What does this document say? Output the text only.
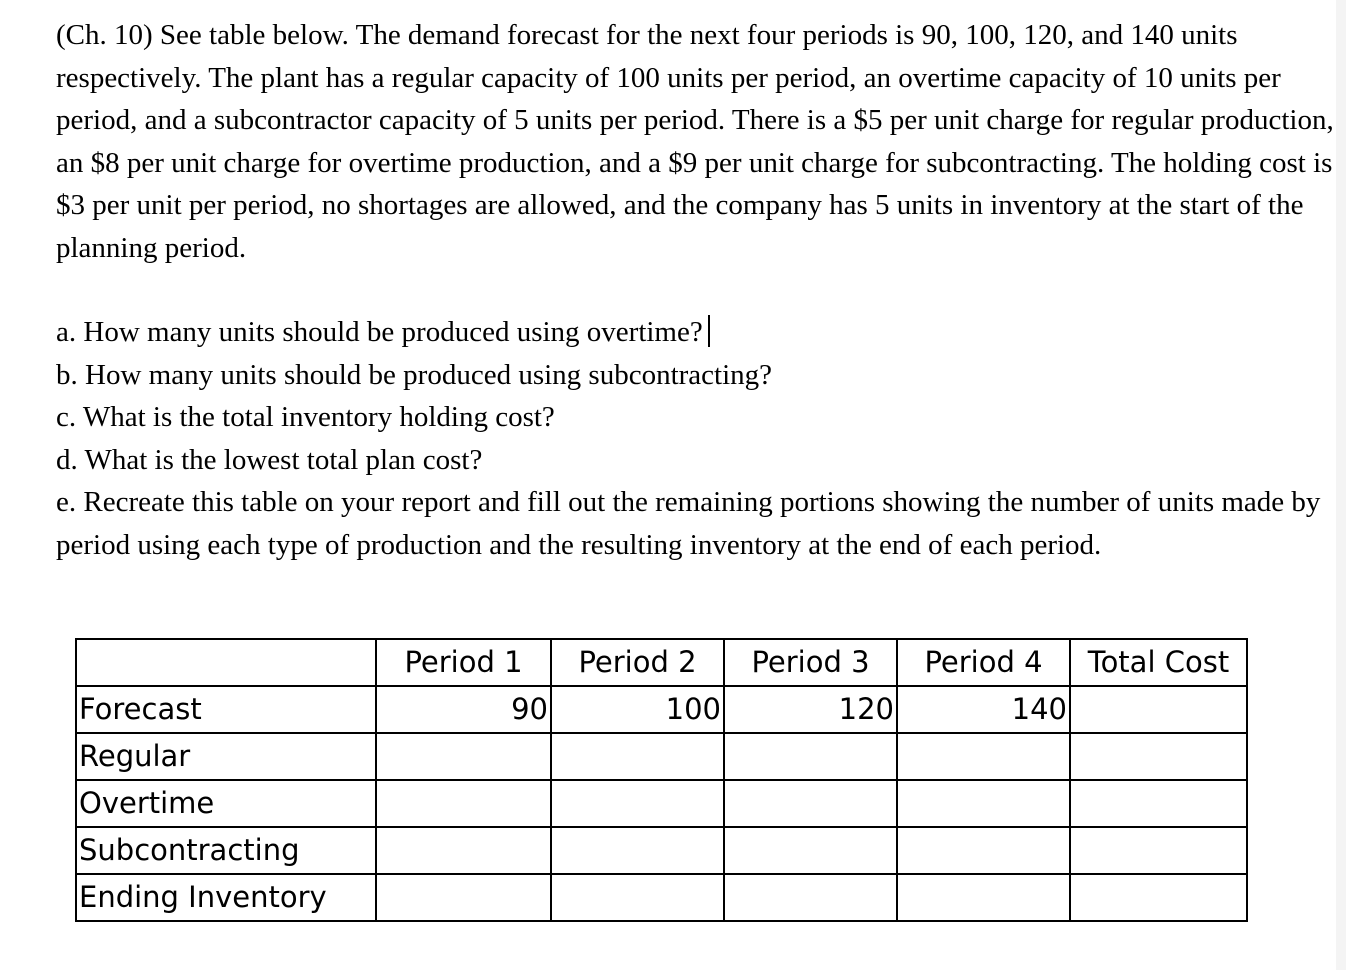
(Ch. 10) See table below. The demand forecast for the next four periods is 90, 100, 120, and 140 units respectively. The plant has a regular capacity of 100 units per period, an overtime capacity of 10 units per period, and a subcontractor capacity of 5 units per period. There is a $5 per unit charge for regular production, an $8 per unit charge for overtime production, and a $9 per unit charge for subcontracting. The holding cost is $3 per unit per period, no shortages are allowed, and the company has 5 units in inventory at the start of the planning period.

a. How many units should be produced using overtime?

b. How many units should be produced using subcontracting?

c. What is the total inventory holding cost?

d. What is the lowest total plan cost?

e. Recreate this table on your report and fill out the remaining portions showing the number of units made by period using each type of production and the resulting inventory at the end of each period.

	Period 1	Period 2	Period 3	Period 4	Total Cost
Forecast	90	100	120	140	
Regular					
Overtime					
Subcontracting					
Ending Inventory					
